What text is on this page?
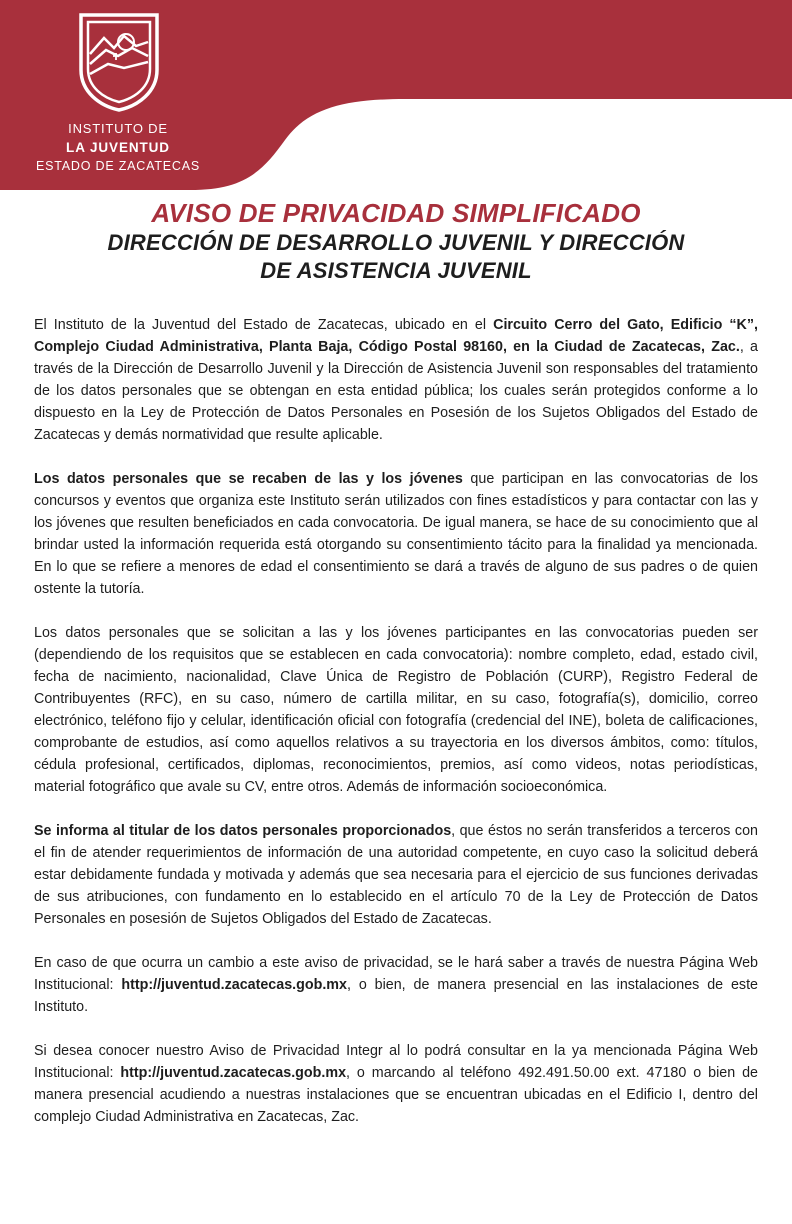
INSTITUTO DE
LA JUVENTUD
ESTADO DE ZACATECAS
AVISO DE PRIVACIDAD SIMPLIFICADO
DIRECCIÓN DE DESARROLLO JUVENIL Y DIRECCIÓN
DE ASISTENCIA JUVENIL

El Instituto de la Juventud del Estado de Zacatecas, ubicado en el Circuito Cerro del Gato, Edificio “K”, Complejo Ciudad Administrativa, Planta Baja, Código Postal 98160, en la Ciudad de Zacatecas, Zac., a través de la Dirección de Desarrollo Juvenil y la Dirección de Asistencia Juvenil son responsables del tratamiento de los datos personales que se obtengan en esta entidad pública; los cuales serán protegidos conforme a lo dispuesto en la Ley de Protección de Datos Personales en Posesión de los Sujetos Obligados del Estado de Zacatecas y demás normatividad que resulte aplicable.

Los datos personales que se recaben de las y los jóvenes que participan en las convocatorias de los concursos y eventos que organiza este Instituto serán utilizados con fines estadísticos y para contactar con las y los jóvenes que resulten beneficiados en cada convocatoria. De igual manera, se hace de su conocimiento que al brindar usted la información requerida está otorgando su consentimiento tácito para la finalidad ya mencionada. En lo que se refiere a menores de edad el consentimiento se dará a través de alguno de sus padres o de quien ostente la tutoría.

Los datos personales que se solicitan a las y los jóvenes participantes en las convocatorias pueden ser (dependiendo de los requisitos que se establecen en cada convocatoria): nombre completo, edad, estado civil, fecha de nacimiento, nacionalidad, Clave Única de Registro de Población (CURP), Registro Federal de Contribuyentes (RFC), en su caso, número de cartilla militar, en su caso, fotografía(s), domicilio, correo electrónico, teléfono fijo y celular, identificación oficial con fotografía (credencial del INE), boleta de calificaciones, comprobante de estudios, así como aquellos relativos a su trayectoria en los diversos ámbitos, como: títulos, cédula profesional, certificados, diplomas, reconocimientos, premios, así como videos, notas periodísticas, material fotográfico que avale su CV, entre otros. Además de información socioeconómica.

Se informa al titular de los datos personales proporcionados, que éstos no serán transferidos a terceros con el fin de atender requerimientos de información de una autoridad competente, en cuyo caso la solicitud deberá estar debidamente fundada y motivada y además que sea necesaria para el ejercicio de sus funciones derivadas de sus atribuciones, con fundamento en lo establecido en el artículo 70 de la Ley de Protección de Datos Personales en posesión de Sujetos Obligados del Estado de Zacatecas.

En caso de que ocurra un cambio a este aviso de privacidad, se le hará saber a través de nuestra Página Web Institucional: http://juventud.zacatecas.gob.mx, o bien, de manera presencial en las instalaciones de este Instituto.

Si desea conocer nuestro Aviso de Privacidad Integr al lo podrá consultar en la ya mencionada Página Web Institucional: http://juventud.zacatecas.gob.mx, o marcando al teléfono 492.491.50.00 ext. 47180 o bien de manera presencial acudiendo a nuestras instalaciones que se encuentran ubicadas en el Edificio I, dentro del complejo Ciudad Administrativa en Zacatecas, Zac.
